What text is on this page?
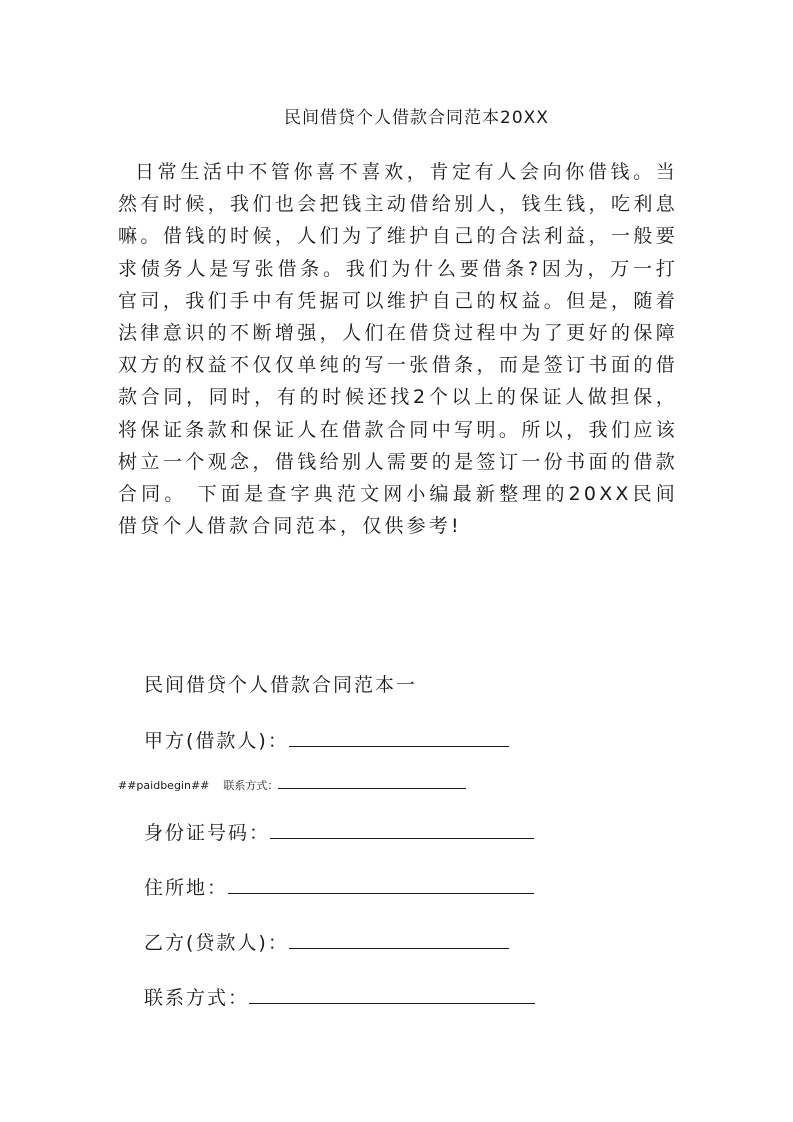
民间借贷个人借款合同范本20XX

日常生活中不管你喜不喜欢，肯定有人会向你借钱。当然有时候，我们也会把钱主动借给别人，钱生钱，吃利息嘛。借钱的时候，人们为了维护自己的合法利益，一般要求债务人是写张借条。我们为什么要借条?因为，万一打官司，我们手中有凭据可以维护自己的权益。但是，随着法律意识的不断增强，人们在借贷过程中为了更好的保障双方的权益不仅仅单纯的写一张借条，而是签订书面的借款合同，同时，有的时候还找2个以上的保证人做担保，将保证条款和保证人在借款合同中写明。所以，我们应该树立一个观念，借钱给别人需要的是签订一份书面的借款合同。 下面是查字典范文网小编最新整理的20XX民间借贷个人借款合同范本，仅供参考!

民间借贷个人借款合同范本一
甲方(借款人)：
##paidbegin## 联系方式：
身份证号码：
住所地：
乙方(贷款人)：
联系方式：
